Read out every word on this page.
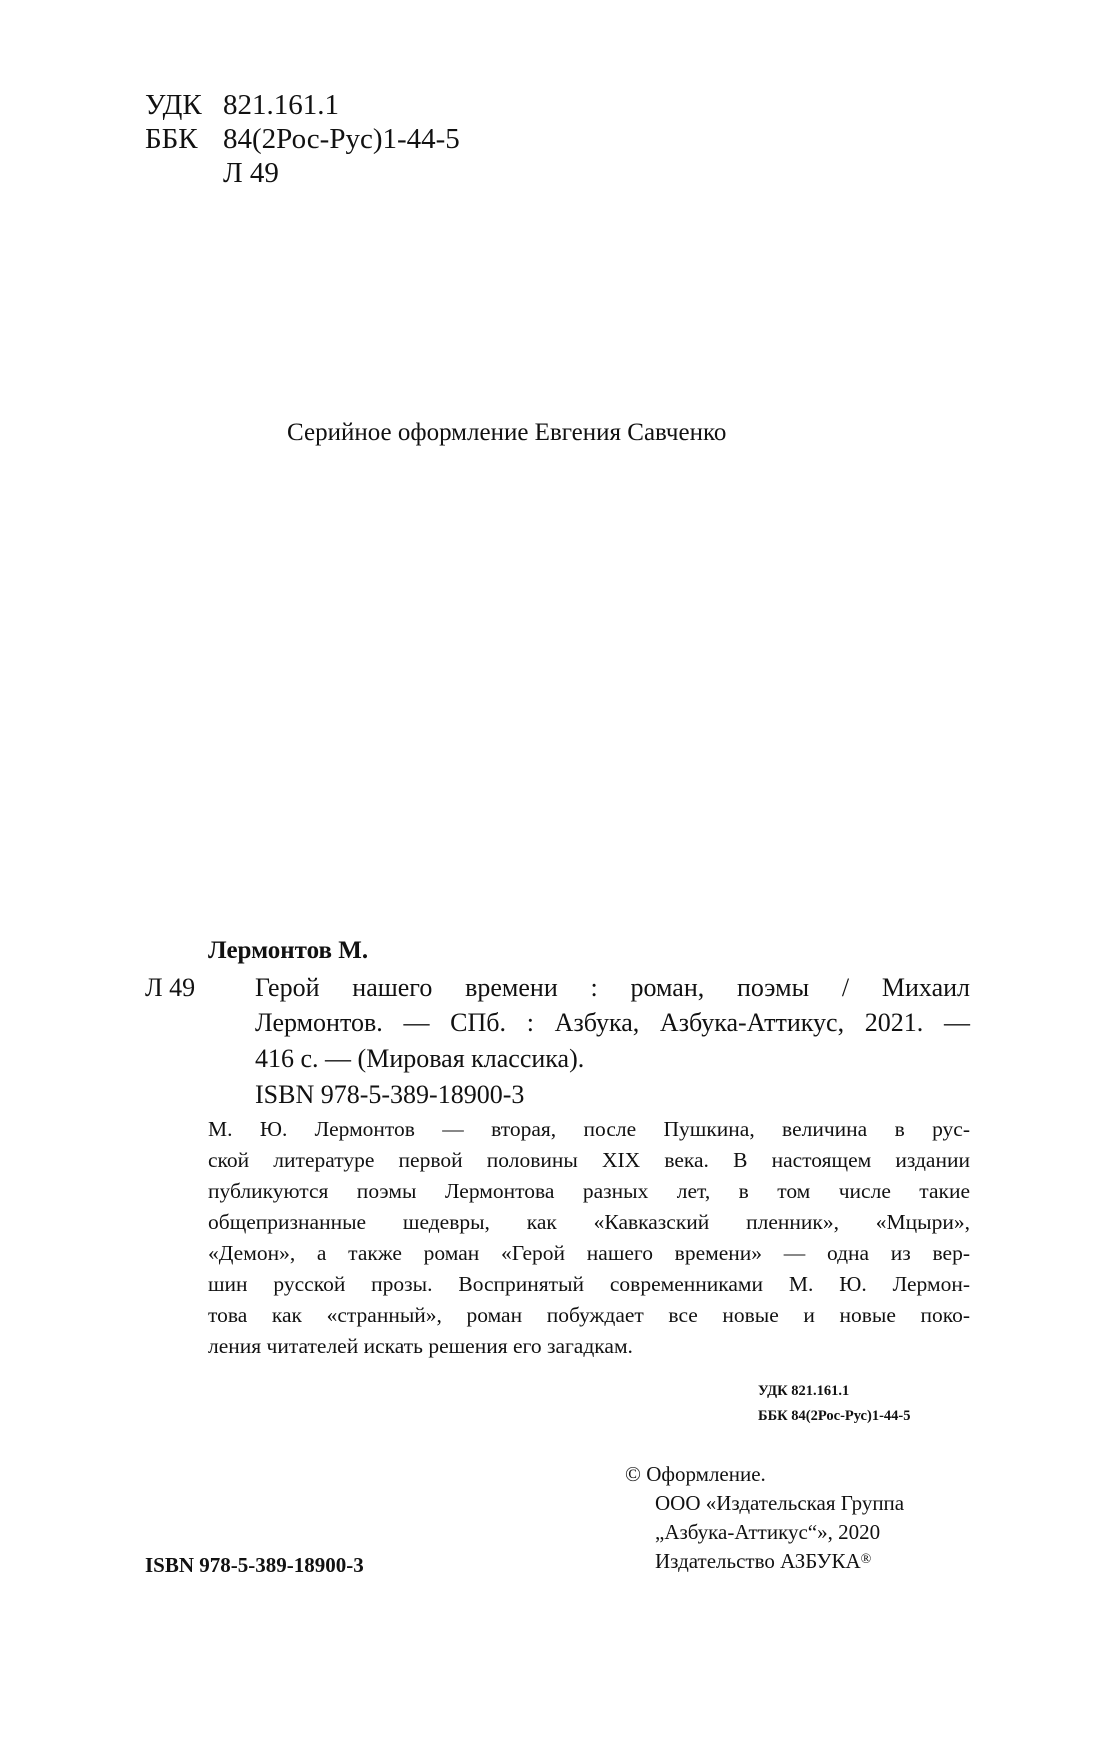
УДК 821.161.1
ББК 84(2Рос-Рус)1-44-5
Л 49
Серийное оформление Евгения Савченко
Лермонтов М.
Л 49 Герой нашего времени : роман, поэмы / Михаил
Лермонтов. — СПб. : Азбука, Азбука-Аттикус, 2021. —
416 с. — (Мировая классика).
ISBN 978-5-389-18900-3
М. Ю. Лермонтов — вторая, после Пушкина, величина в рус-
ской литературе первой половины XIX века. В настоящем издании
публикуются поэмы Лермонтова разных лет, в том числе такие
общепризнанные шедевры, как «Кавказский пленник», «Мцыри»,
«Демон», а также роман «Герой нашего времени» — одна из вер-
шин русской прозы. Воспринятый современниками М. Ю. Лермон-
това как «странный», роман побуждает все новые и новые поко-
ления читателей искать решения его загадкам.
УДК 821.161.1
ББК 84(2Рос-Рус)1-44-5
© Оформление.
ООО «Издательская Группа
„Азбука-Аттикус“», 2020
Издательство АЗБУКА®
ISBN 978-5-389-18900-3
